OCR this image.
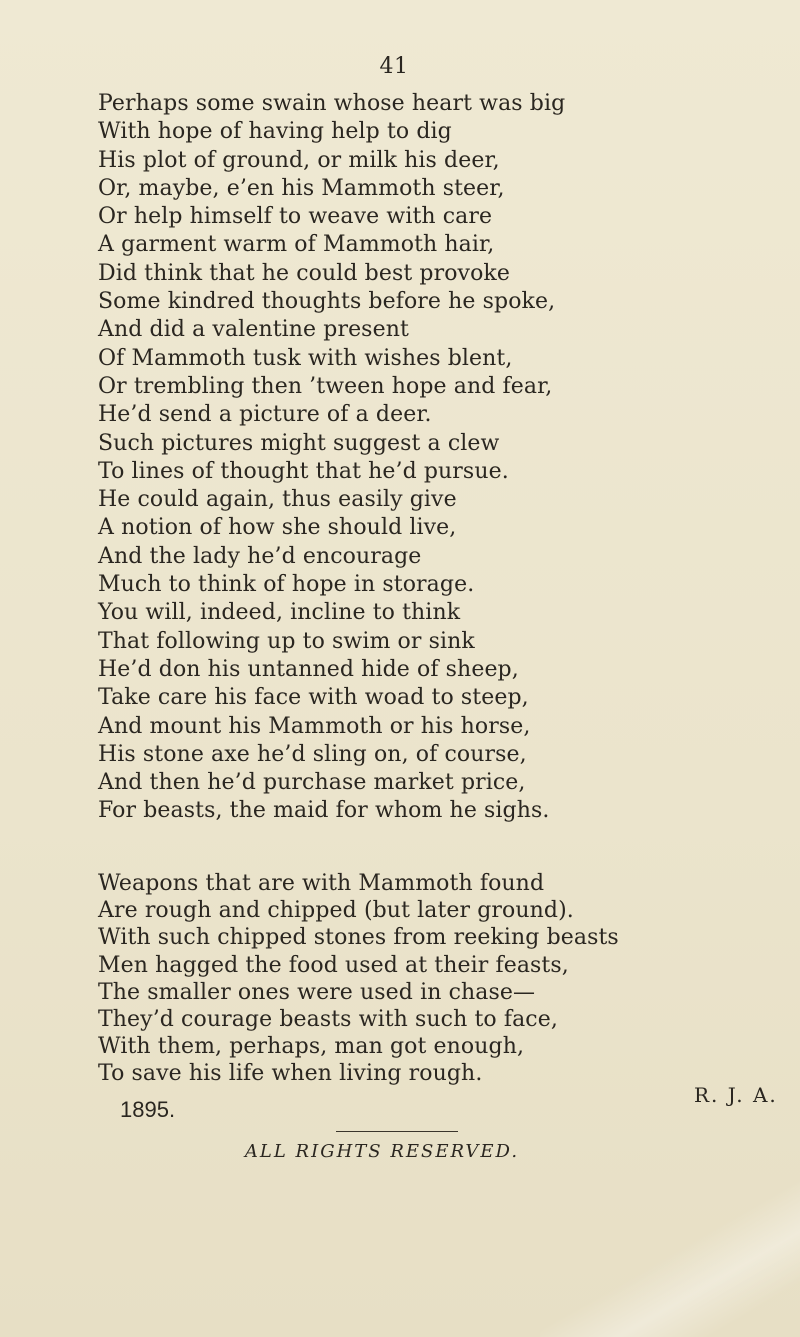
41
Perhaps some swain whose heart was big
With hope of having help to dig
His plot of ground, or milk his deer,
Or, maybe, e’en his Mammoth steer,
Or help himself to weave with care
A garment warm of Mammoth hair,
Did think that he could best provoke
Some kindred thoughts before he spoke,
And did a valentine present
Of Mammoth tusk with wishes blent,
Or trembling then ’tween hope and fear,
He’d send a picture of a deer.
Such pictures might suggest a clew
To lines of thought that he’d pursue.
He could again, thus easily give
A notion of how she should live,
And the lady he’d encourage
Much to think of hope in storage.
You will, indeed, incline to think
That following up to swim or sink
He’d don his untanned hide of sheep,
Take care his face with woad to steep,
And mount his Mammoth or his horse,
His stone axe he’d sling on, of course,
And then he’d purchase market price,
For beasts, the maid for whom he sighs.
Weapons that are with Mammoth found
Are rough and chipped (but later ground).
With such chipped stones from reeking beasts
Men hagged the food used at their feasts,
The smaller ones were used in chase—
They’d courage beasts with such to face,
With them, perhaps, man got enough,
To save his life when living rough.
1895.
R. J. A.
ALL RIGHTS RESERVED.
